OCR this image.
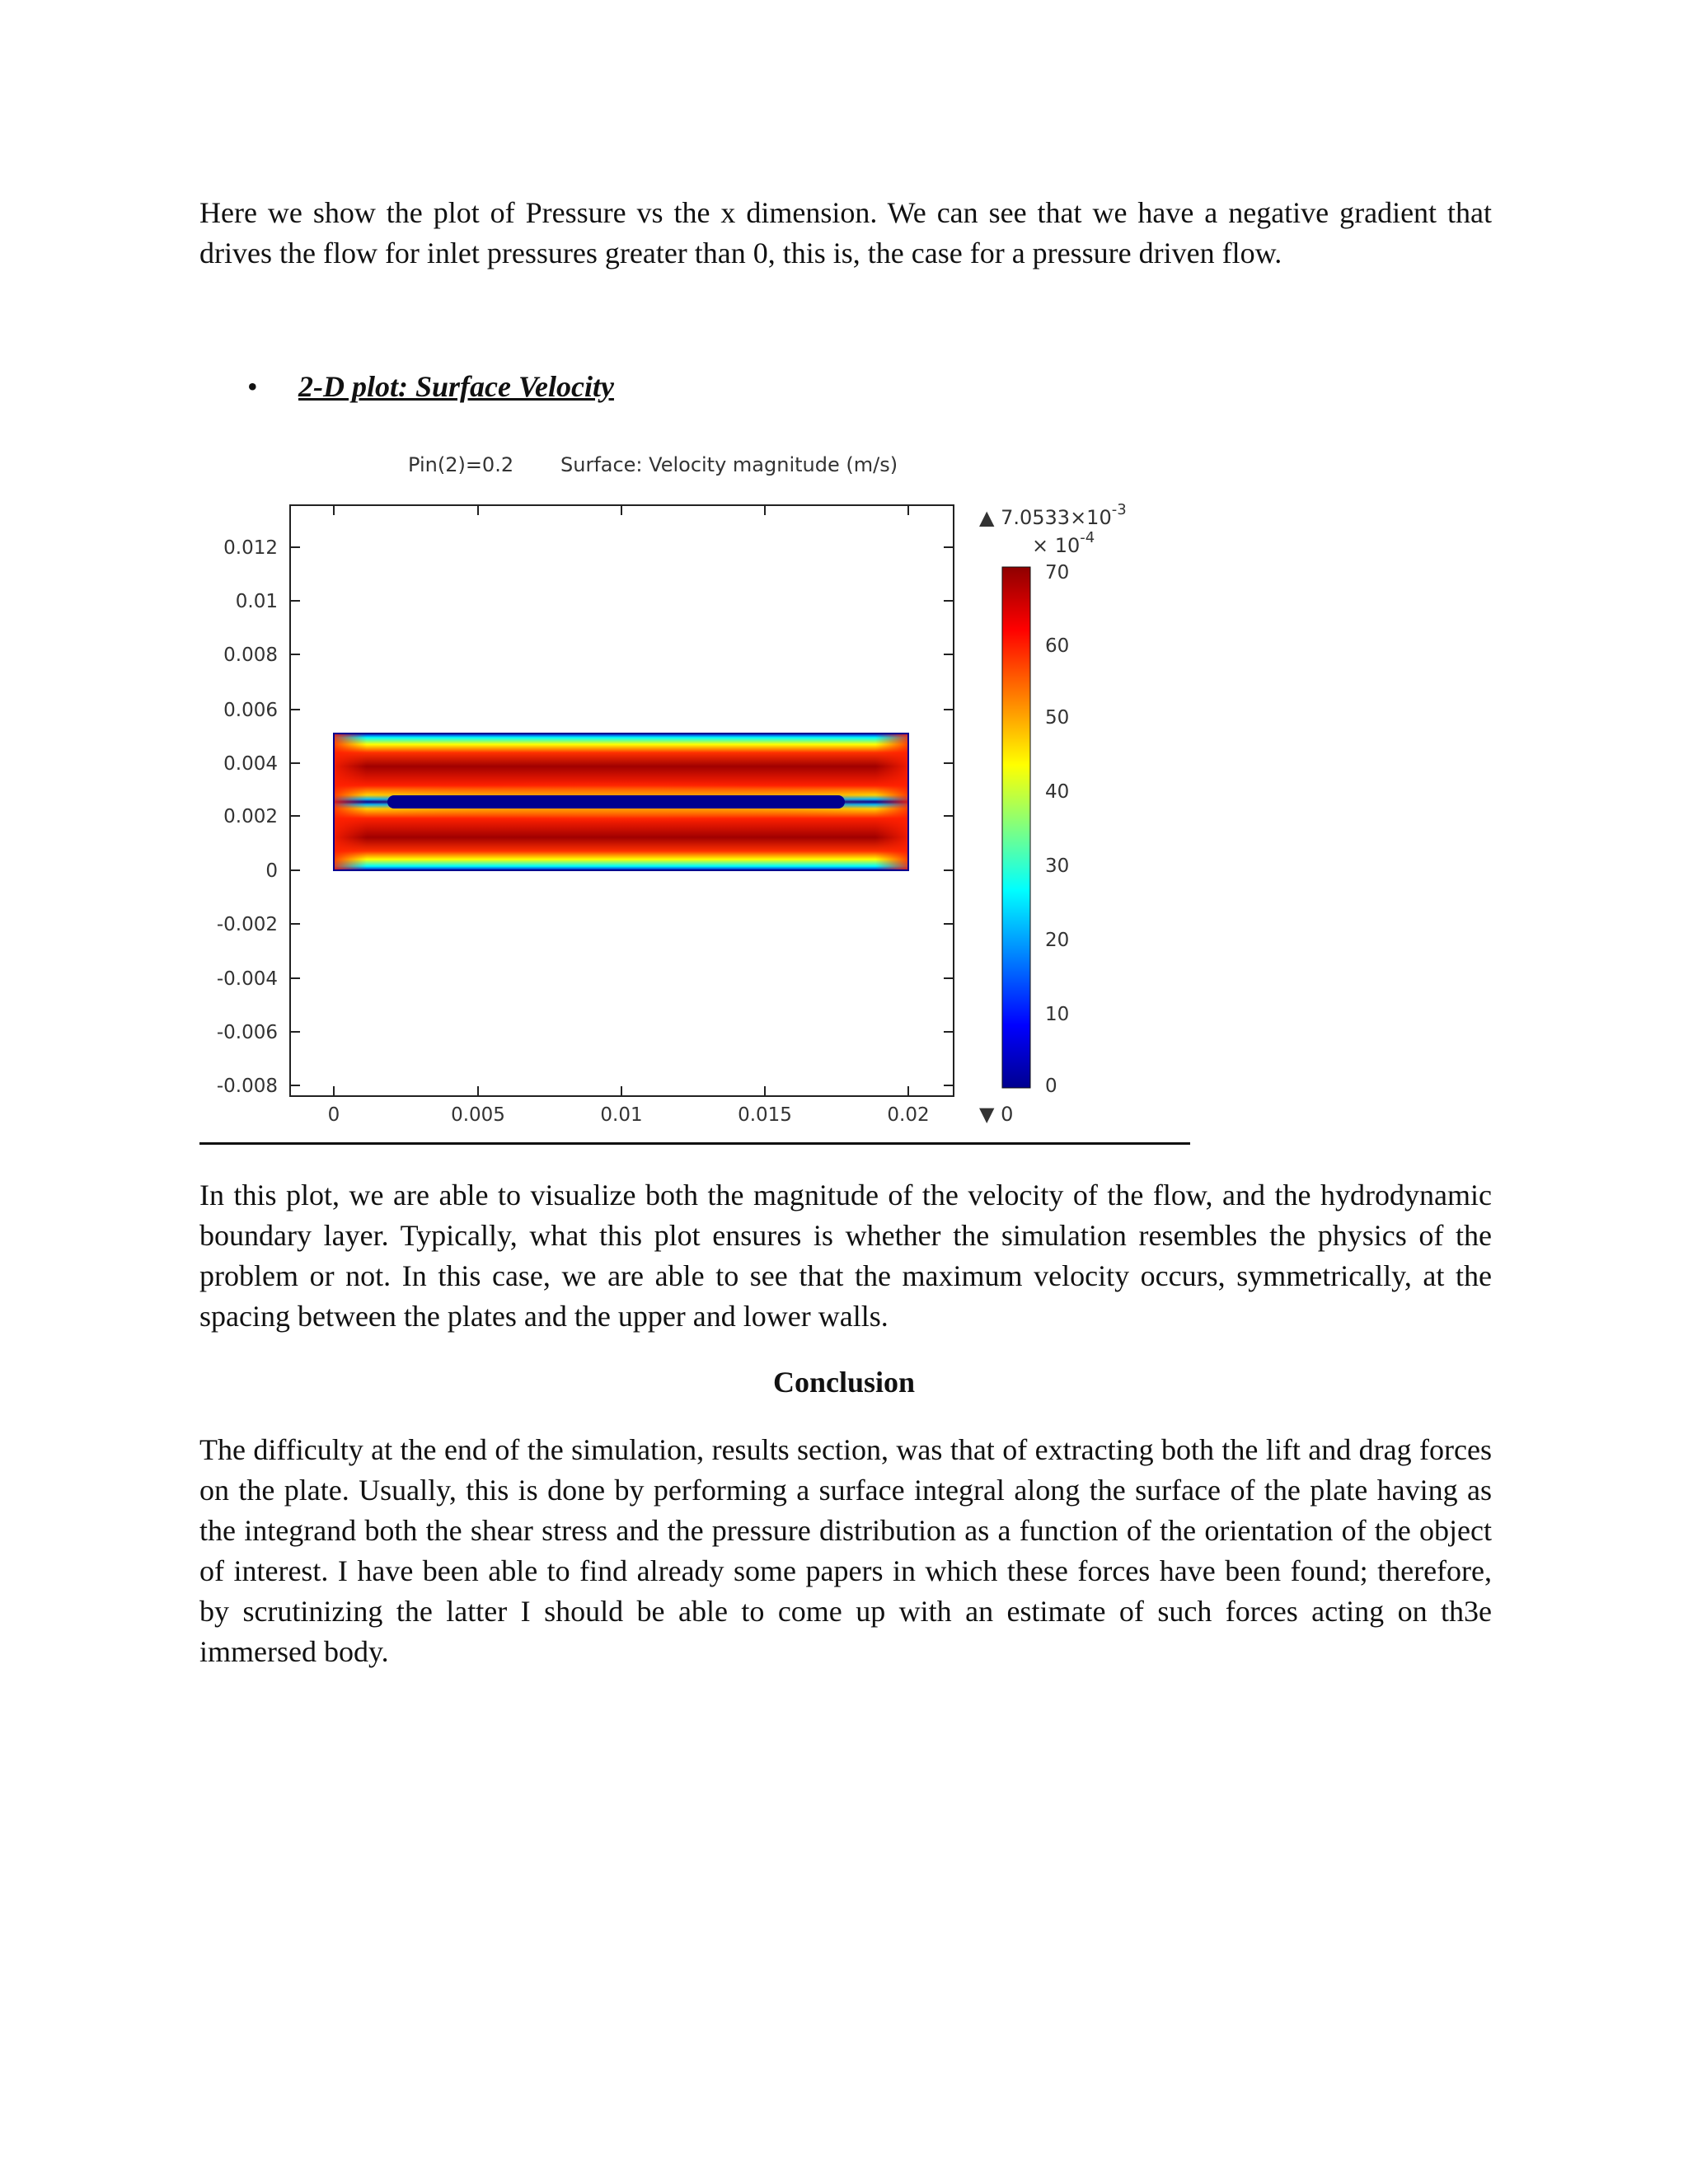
Here we show the plot of Pressure vs the x dimension. We can see that we have a negative gradient that drives the flow for inlet pressures greater than 0, this is, the case for a pressure driven flow.

• 2-D plot: Surface Velocity
Pin(2)=0.2 Surface: Velocity magnitude (m/s)
0.012
0.01
0.008
0.006
0.004
0.002
0
-0.002
-0.004
-0.006
-0.008
0	0.005	0.01	0.015	0.02
▲ $7.0533\times 10^{-3}$
× $10^{-4}$
70
60
50
40
30
20
10
0
▼ 0

In this plot, we are able to visualize both the magnitude of the velocity of the flow, and the hydrodynamic boundary layer. Typically, what this plot ensures is whether the simulation resembles the physics of the problem or not. In this case, we are able to see that the maximum velocity occurs, symmetrically, at the spacing between the plates and the upper and lower walls.

Conclusion

The difficulty at the end of the simulation, results section, was that of extracting both the lift and drag forces on the plate. Usually, this is done by performing a surface integral along the surface of the plate having as the integrand both the shear stress and the pressure distribution as a function of the orientation of the object of interest. I have been able to find already some papers in which these forces have been found; therefore, by scrutinizing the latter I should be able to come up with an estimate of such forces acting on th3e immersed body.
